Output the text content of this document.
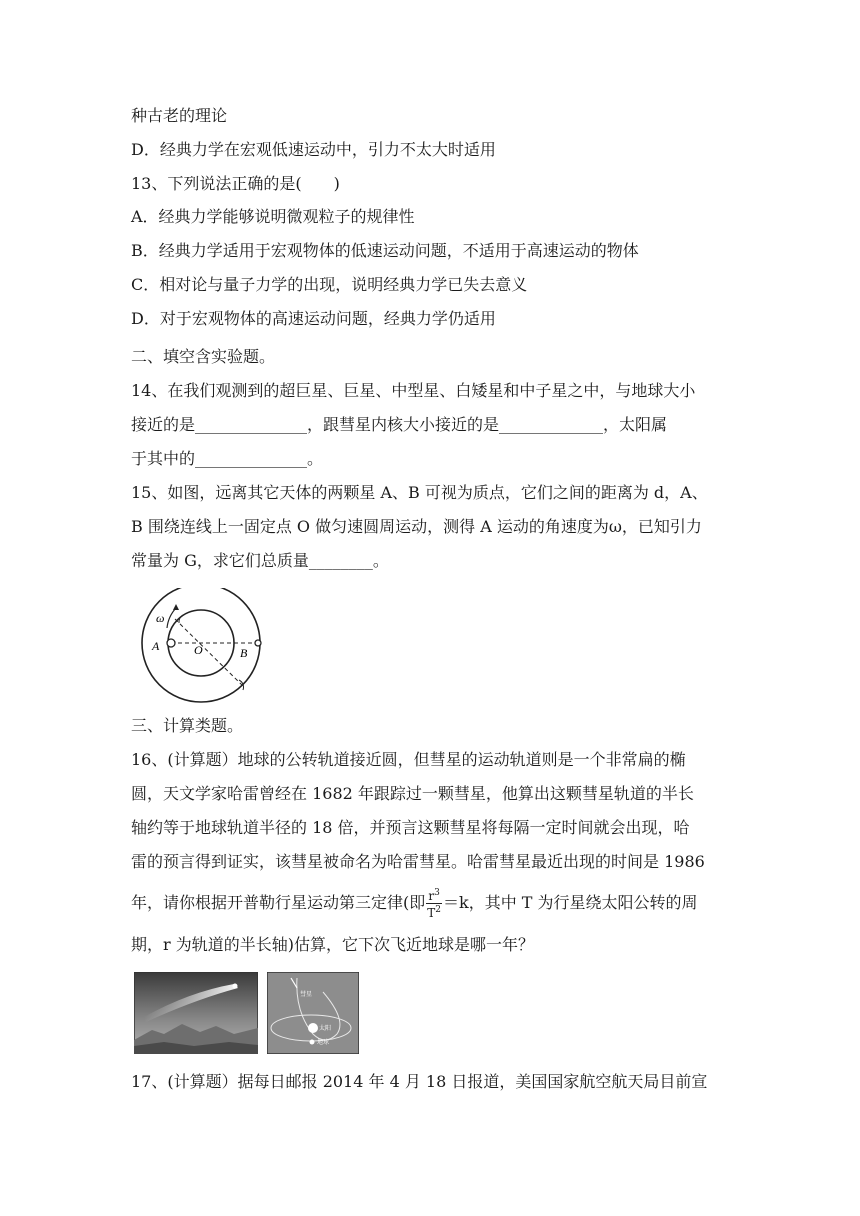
种古老的理论
D．经典力学在宏观低速运动中，引力不太大时适用
13、下列说法正确的是(　　)
A．经典力学能够说明微观粒子的规律性
B．经典力学适用于宏观物体的低速运动问题，不适用于高速运动的物体
C．相对论与量子力学的出现，说明经典力学已失去意义
D．对于宏观物体的高速运动问题，经典力学仍适用
二、填空含实验题。
14、在我们观测到的超巨星、巨星、中型星、白矮星和中子星之中，与地球大小
接近的是______________，跟彗星内核大小接近的是_____________，太阳属
于其中的______________。
15、如图，远离其它天体的两颗星 A、B 可视为质点，它们之间的距离为 d，A、
B 围绕连线上一固定点 O 做匀速圆周运动，测得 A 运动的角速度为ω，已知引力
常量为 G，求它们总质量________。
ω
A	O	B
三、计算类题。
16、(计算题）地球的公转轨道接近圆，但彗星的运动轨道则是一个非常扁的椭
圆，天文学家哈雷曾经在 1682 年跟踪过一颗彗星，他算出这颗彗星轨道的半长
轴约等于地球轨道半径的 18 倍，并预言这颗彗星将每隔一定时间就会出现，哈
雷的预言得到证实，该彗星被命名为哈雷彗星。哈雷彗星最近出现的时间是 1986
年，请你根据开普勒行星运动第三定律(即 $\frac{r^3}{T^2} =k$，其中 T 为行星绕太阳公转的周
期，r 为轨道的半长轴)估算，它下次飞近地球是哪一年？
彗星
太阳
地球
17、(计算题）据每日邮报 2014 年 4 月 18 日报道，美国国家航空航天局目前宣
